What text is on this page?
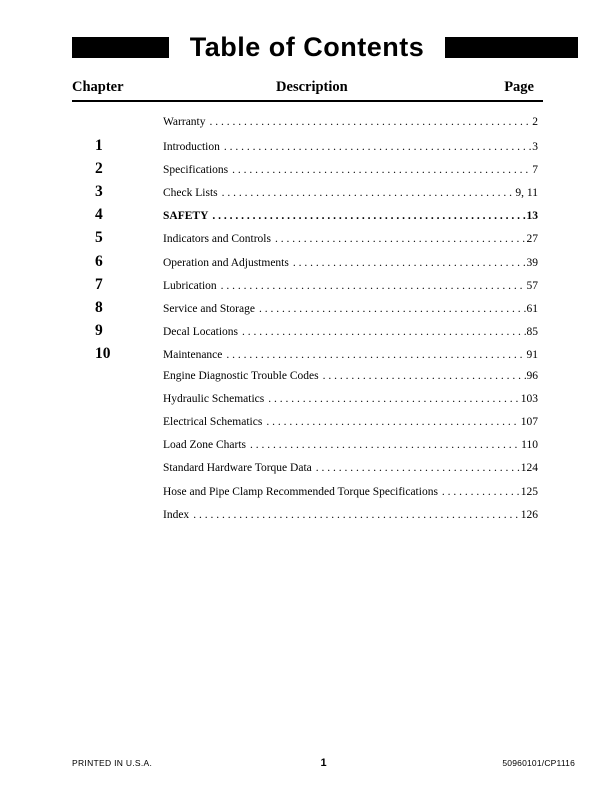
Table of Contents
Chapter	Description	Page
Warranty . . .	2
1	Introduction . . .	3
2	Specifications . . .	7
3	Check Lists . . .	9, 11
4	SAFETY . . .	13
5	Indicators and Controls . . .	27
6	Operation and Adjustments . . .	39
7	Lubrication . . .	57
8	Service and Storage . . .	61
9	Decal Locations . . .	85
10	Maintenance . . .	91
Engine Diagnostic Trouble Codes . . .	96
Hydraulic Schematics . . .	103
Electrical Schematics . . .	107
Load Zone Charts . . .	110
Standard Hardware Torque Data . . .	124
Hose and Pipe Clamp Recommended Torque Specifications . . .	125
Index . . .	126
PRINTED IN U.S.A.	1	50960101/CP1116
